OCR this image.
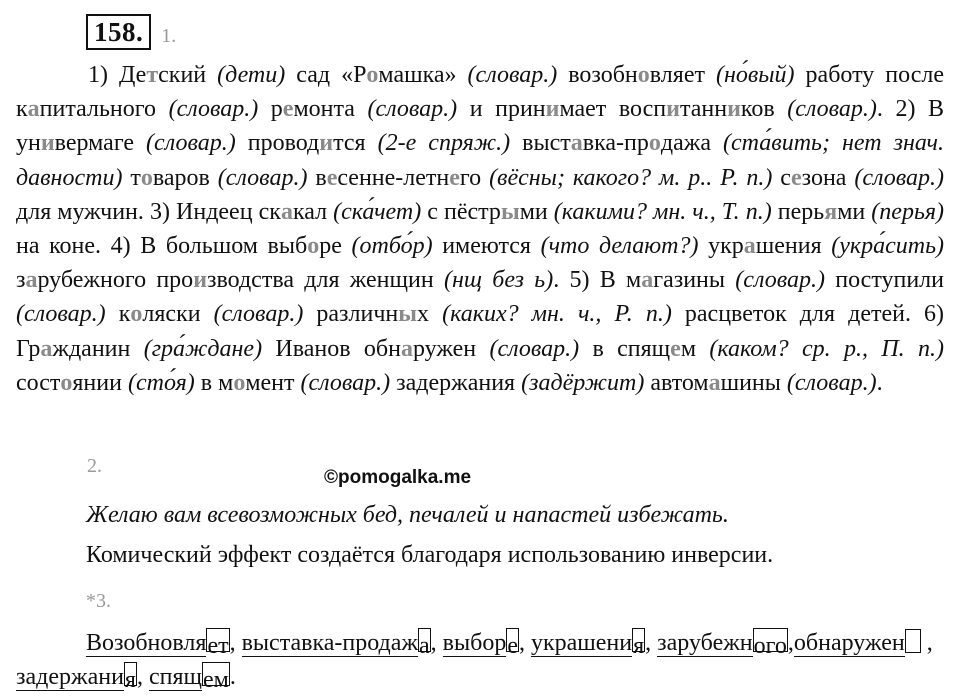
158. 1.

1) Детский (дети) сад «Ромашка» (словар.) возобновляет (но́вый) работу после капитального (словар.) ремонта (словар.) и принимает воспитанников (словар.). 2) В универмаге (словар.) проводится (2-е спряж.) выставка-продажа (ста́вить; нет знач. давности) товаров (словар.) весенне-летнего (вёсны; какого? м. р.. Р. п.) сезона (словар.) для мужчин. 3) Индеец скакал (ска́чет) с пёстрыми (какими? мн. ч., Т. п.) перьями (перья) на коне. 4) В большом выборе (отбо́р) имеются (что делают?) украшения (укра́сить) зарубежного производства для женщин (нщ без ь). 5) В магазины (словар.) поступили (словар.) коляски (словар.) различных (каких? мн. ч., Р. п.) расцветок для детей. 6) Гражданин (гра́ждане) Иванов обнаружен (словар.) в спящем (каком? ср. р., П. п.) состоянии (сто́я) в момент (словар.) задержания (задёржит) автомашины (словар.).

2.
©pomogalka.me

Желаю вам всевозможных бед, печалей и напастей избежать.

Комический эффект создаётся благодаря использованию инверсии.

*3.

Возобновляет, выставка-продажа, выборе, украшения, зарубежного,обнаружен , задержания, спящем.
